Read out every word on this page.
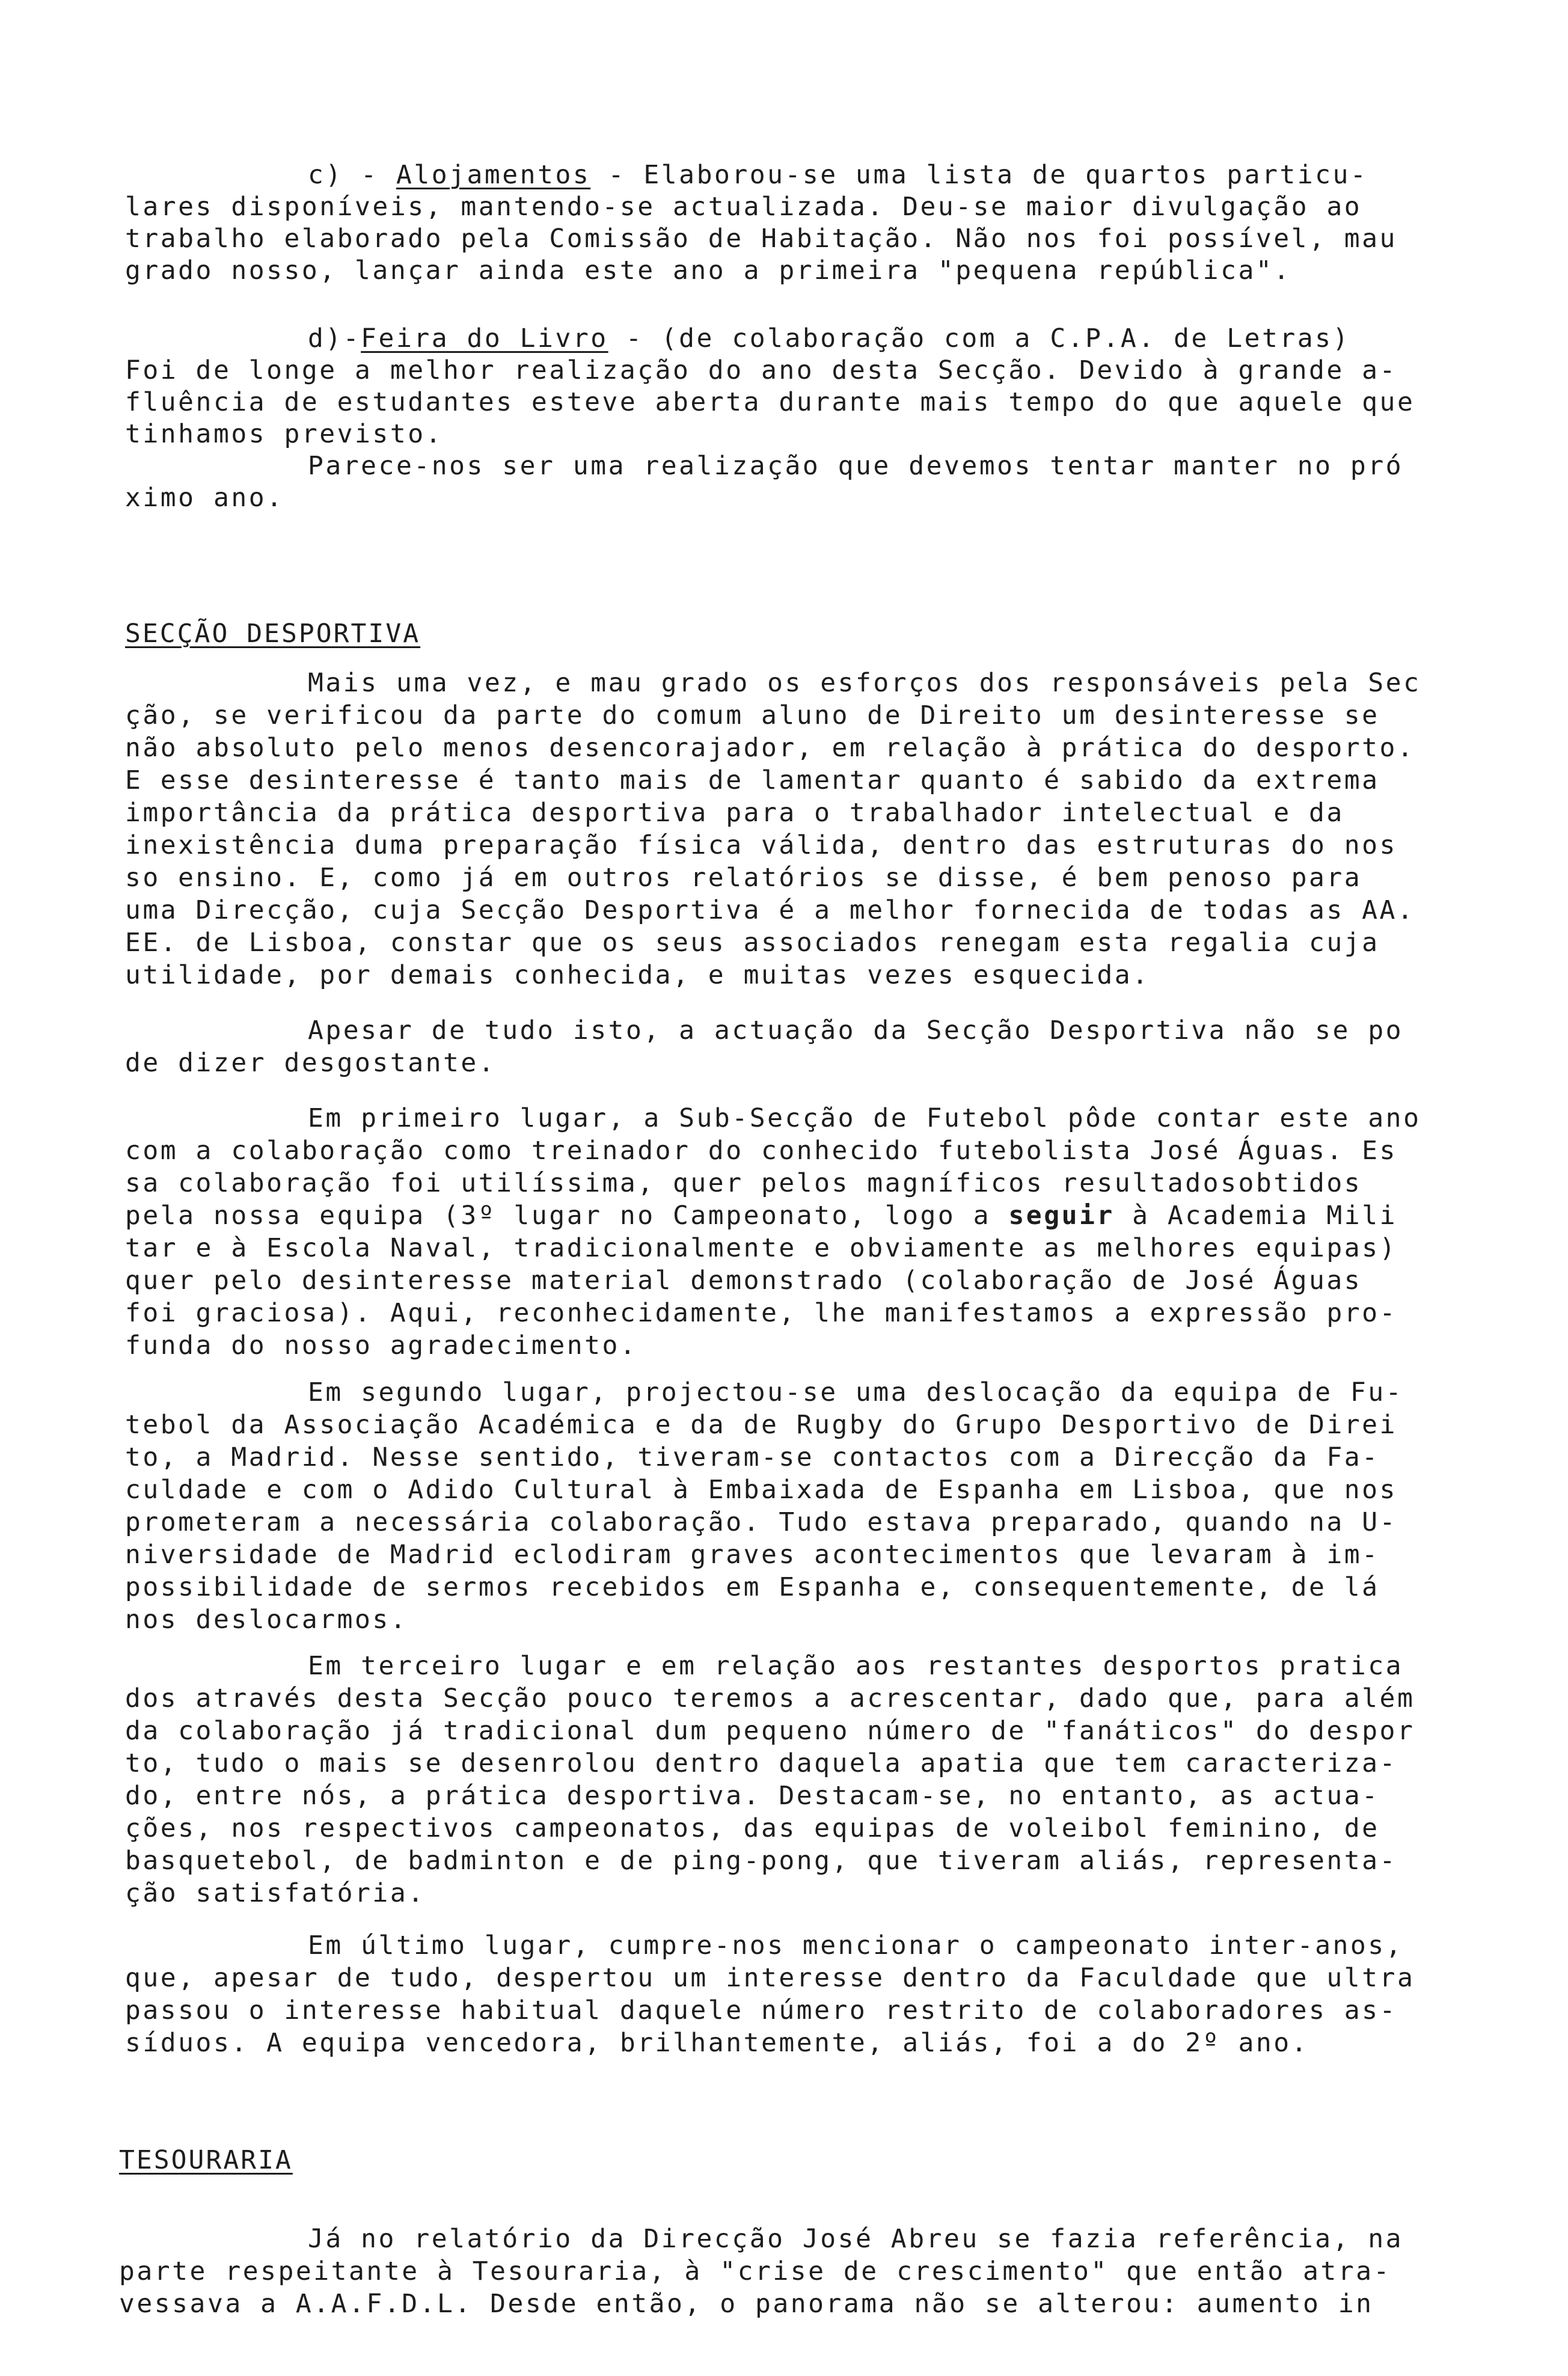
c) - Alojamentos - Elaborou-se uma lista de quartos particu-
lares disponíveis, mantendo-se actualizada. Deu-se maior divulgação ao
trabalho elaborado pela Comissão de Habitação. Não nos foi possível, mau
grado nosso, lançar ainda este ano a primeira "pequena república".
d)-Feira do Livro - (de colaboração com a C.P.A. de Letras)
Foi de longe a melhor realização do ano desta Secção. Devido à grande a-
fluência de estudantes esteve aberta durante mais tempo do que aquele que
tinhamos previsto.
Parece-nos ser uma realização que devemos tentar manter no pró
ximo ano.
SECÇÃO DESPORTIVA
Mais uma vez, e mau grado os esforços dos responsáveis pela Sec
ção, se verificou da parte do comum aluno de Direito um desinteresse se
não absoluto pelo menos desencorajador, em relação à prática do desporto.
E esse desinteresse é tanto mais de lamentar quanto é sabido da extrema
importância da prática desportiva para o trabalhador intelectual e da
inexistência duma preparação física válida, dentro das estruturas do nos
so ensino. E, como já em outros relatórios se disse, é bem penoso para
uma Direcção, cuja Secção Desportiva é a melhor fornecida de todas as AA.
EE. de Lisboa, constar que os seus associados renegam esta regalia cuja
utilidade, por demais conhecida, e muitas vezes esquecida.
Apesar de tudo isto, a actuação da Secção Desportiva não se po
de dizer desgostante.
Em primeiro lugar, a Sub-Secção de Futebol pôde contar este ano
com a colaboração como treinador do conhecido futebolista José Águas. Es
sa colaboração foi utilíssima, quer pelos magníficos resultadosobtidos
pela nossa equipa (3º lugar no Campeonato, logo a seguir à Academia Mili
tar e à Escola Naval, tradicionalmente e obviamente as melhores equipas)
quer pelo desinteresse material demonstrado (colaboração de José Águas
foi graciosa). Aqui, reconhecidamente, lhe manifestamos a expressão pro-
funda do nosso agradecimento.
Em segundo lugar, projectou-se uma deslocação da equipa de Fu-
tebol da Associação Académica e da de Rugby do Grupo Desportivo de Direi
to, a Madrid. Nesse sentido, tiveram-se contactos com a Direcção da Fa-
culdade e com o Adido Cultural à Embaixada de Espanha em Lisboa, que nos
prometeram a necessária colaboração. Tudo estava preparado, quando na U-
niversidade de Madrid eclodiram graves acontecimentos que levaram à im-
possibilidade de sermos recebidos em Espanha e, consequentemente, de lá
nos deslocarmos.
Em terceiro lugar e em relação aos restantes desportos pratica
dos através desta Secção pouco teremos a acrescentar, dado que, para além
da colaboração já tradicional dum pequeno número de "fanáticos" do despor
to, tudo o mais se desenrolou dentro daquela apatia que tem caracteriza-
do, entre nós, a prática desportiva. Destacam-se, no entanto, as actua-
ções, nos respectivos campeonatos, das equipas de voleibol feminino, de
basquetebol, de badminton e de ping-pong, que tiveram aliás, representa-
ção satisfatória.
Em último lugar, cumpre-nos mencionar o campeonato inter-anos,
que, apesar de tudo, despertou um interesse dentro da Faculdade que ultra
passou o interesse habitual daquele número restrito de colaboradores as-
síduos. A equipa vencedora, brilhantemente, aliás, foi a do 2º ano.
TESOURARIA
Já no relatório da Direcção José Abreu se fazia referência, na
parte respeitante à Tesouraria, à "crise de crescimento" que então atra-
vessava a A.A.F.D.L. Desde então, o panorama não se alterou: aumento in
